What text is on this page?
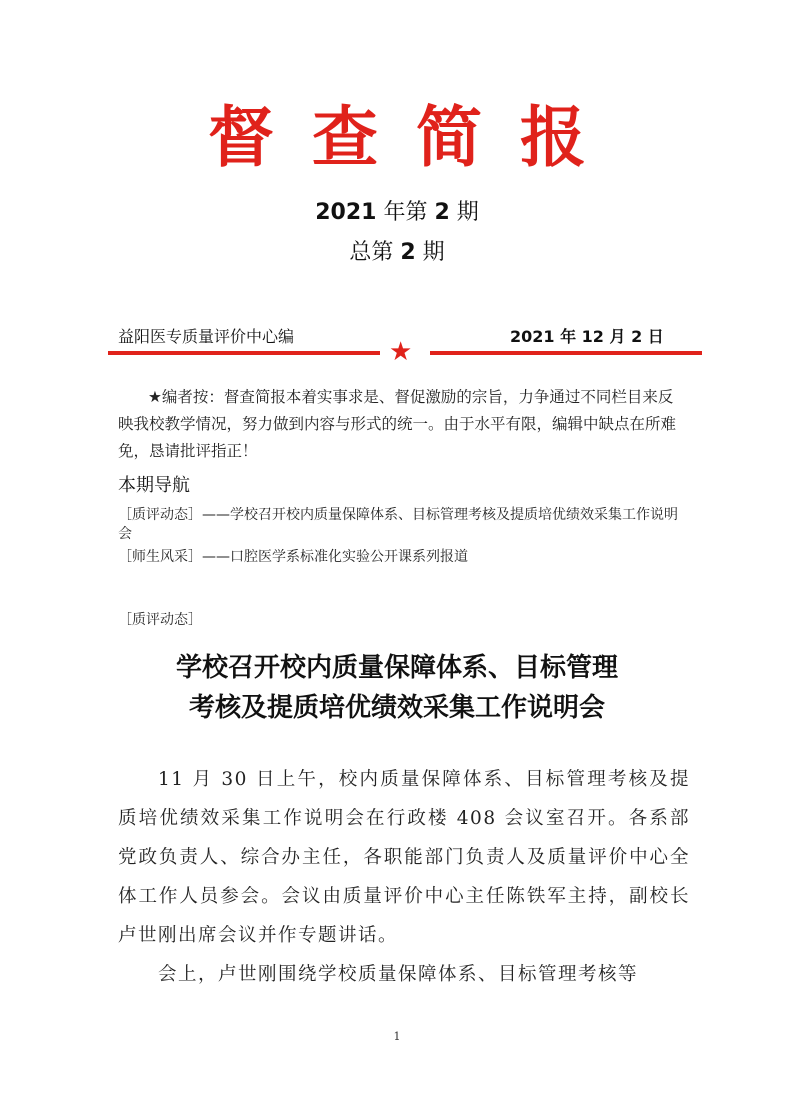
督查简报
2021 年第 2 期
总第 2 期
益阳医专质量评价中心编	2021 年 12 月 2 日
★
★编者按：督查简报本着实事求是、督促激励的宗旨，力争通过不同栏目来反映我校教学情况，努力做到内容与形式的统一。由于水平有限，编辑中缺点在所难免，恳请批评指正！
本期导航
［质评动态］——学校召开校内质量保障体系、目标管理考核及提质培优绩效采集工作说明会
［师生风采］——口腔医学系标准化实验公开课系列报道
［质评动态］
学校召开校内质量保障体系、目标管理
考核及提质培优绩效采集工作说明会

11 月 30 日上午，校内质量保障体系、目标管理考核及提质培优绩效采集工作说明会在行政楼 408 会议室召开。各系部党政负责人、综合办主任，各职能部门负责人及质量评价中心全体工作人员参会。会议由质量评价中心主任陈铁军主持，副校长卢世刚出席会议并作专题讲话。

会上，卢世刚围绕学校质量保障体系、目标管理考核等

1
